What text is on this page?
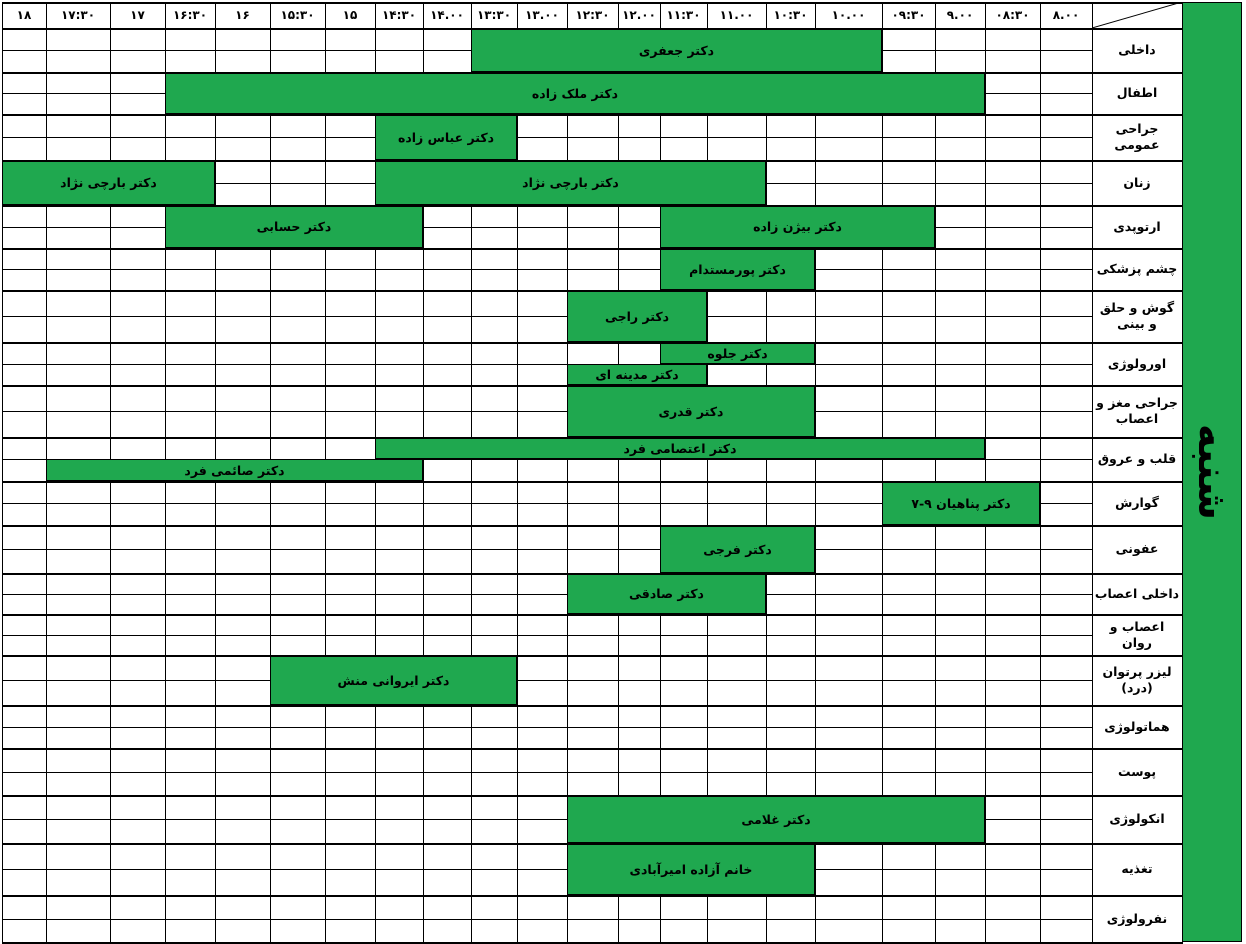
شنبه
۸.۰۰
۰۸:۳۰
۹.۰۰
۰۹:۳۰
۱۰.۰۰
۱۰:۳۰
۱۱.۰۰
۱۱:۳۰
۱۲.۰۰
۱۲:۳۰
۱۳.۰۰
۱۳:۳۰
۱۴.۰۰
۱۴:۳۰
۱۵
۱۵:۳۰
۱۶
۱۶:۳۰
۱۷
۱۷:۳۰
۱۸
داخلی
اطفال
جراحی عمومی
زنان
ارتوپدی
چشم پزشکی
گوش و حلق و بینی
اورولوژی
جراحی مغز و اعصاب
قلب و عروق
گوارش
عفونی
داخلی اعصاب
اعصاب و روان
لیزر پرتوان (درد)
هماتولوژی
پوست
انکولوژی
تغذیه
نفرولوژی
دکتر جعفری
دکتر ملک زاده
دکتر عباس زاده
دکتر بارچی نژاد
دکتر بارچی نژاد
دکتر بیژن زاده
دکتر حسابی
دکتر پورمستدام
دکتر راجی
دکتر جلوه
دکتر مدینه ای
دکتر قدری
دکتر اعتصامی فرد
دکتر صائمی فرد
دکتر پناهیان ۹-۷
دکتر فرجی
دکتر صادقی
دکتر ایروانی منش
دکتر غلامی
خانم آزاده امیرآبادی
